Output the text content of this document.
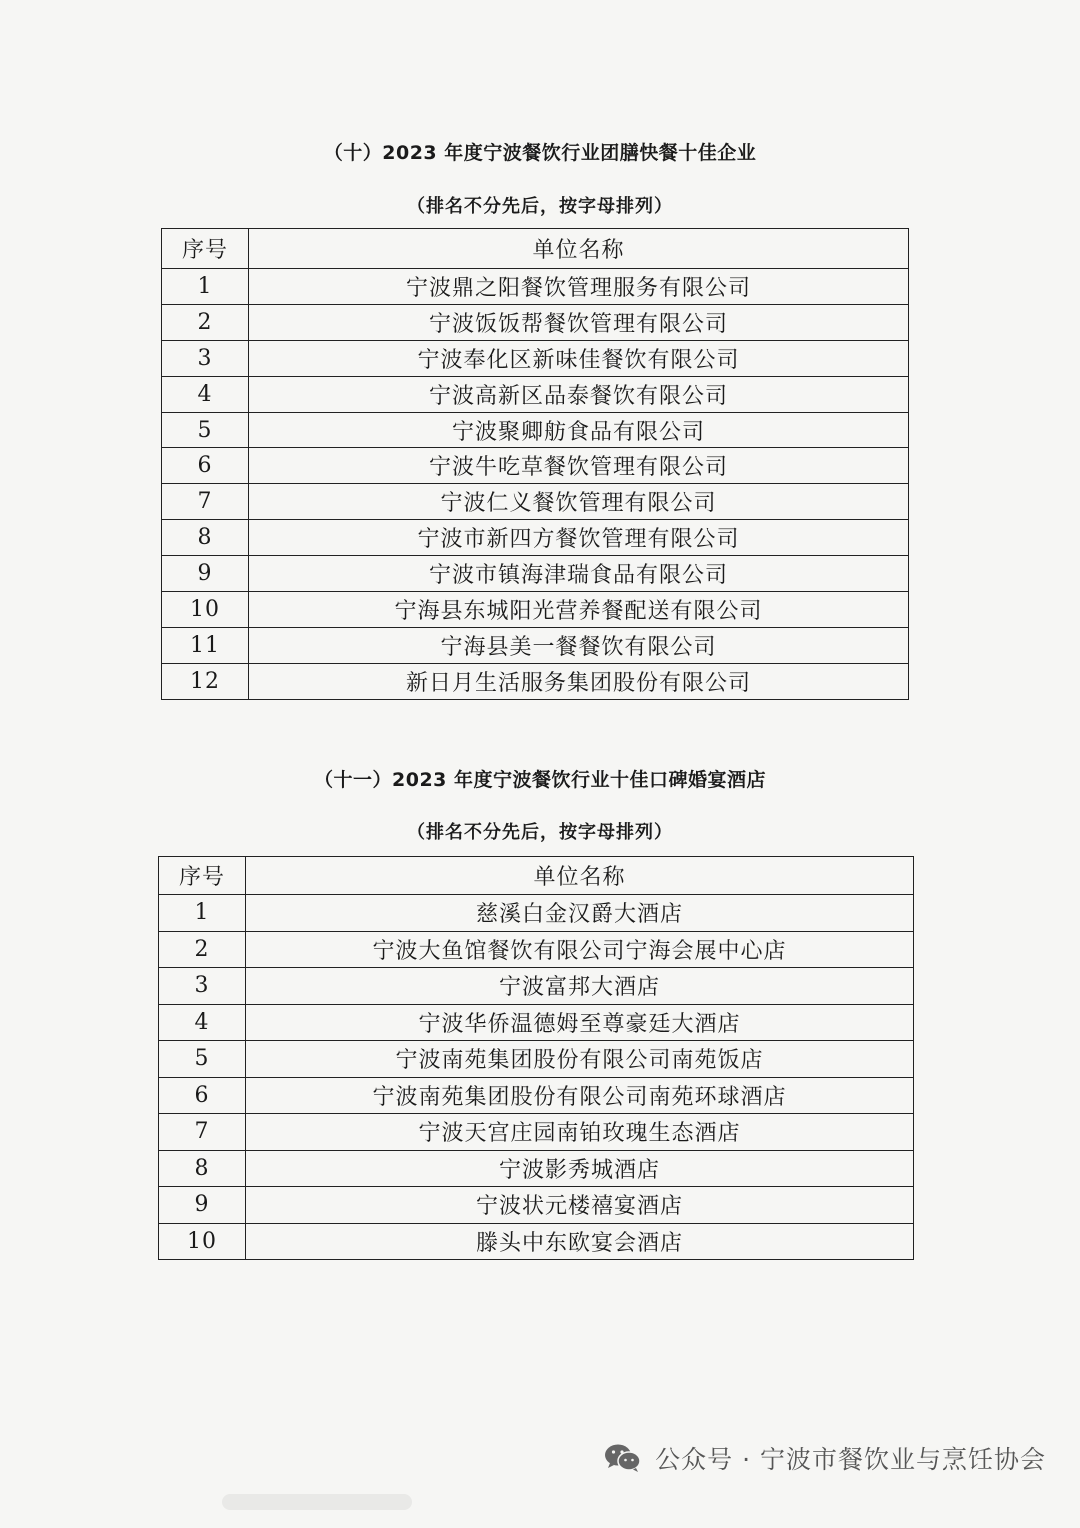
（十）2023 年度宁波餐饮行业团膳快餐十佳企业
（排名不分先后，按字母排列）
序号	单位名称
1	宁波鼎之阳餐饮管理服务有限公司
2	宁波饭饭帮餐饮管理有限公司
3	宁波奉化区新味佳餐饮有限公司
4	宁波高新区品泰餐饮有限公司
5	宁波聚卿舫食品有限公司
6	宁波牛吃草餐饮管理有限公司
7	宁波仁义餐饮管理有限公司
8	宁波市新四方餐饮管理有限公司
9	宁波市镇海津瑞食品有限公司
10	宁海县东城阳光营养餐配送有限公司
11	宁海县美一餐餐饮有限公司
12	新日月生活服务集团股份有限公司
（十一）2023 年度宁波餐饮行业十佳口碑婚宴酒店
（排名不分先后，按字母排列）
序号	单位名称
1	慈溪白金汉爵大酒店
2	宁波大鱼馆餐饮有限公司宁海会展中心店
3	宁波富邦大酒店
4	宁波华侨温德姆至尊豪廷大酒店
5	宁波南苑集团股份有限公司南苑饭店
6	宁波南苑集团股份有限公司南苑环球酒店
7	宁波天宫庄园南铂玫瑰生态酒店
8	宁波影秀城酒店
9	宁波状元楼禧宴酒店
10	滕头中东欧宴会酒店
公众号 · 宁波市餐饮业与烹饪协会
